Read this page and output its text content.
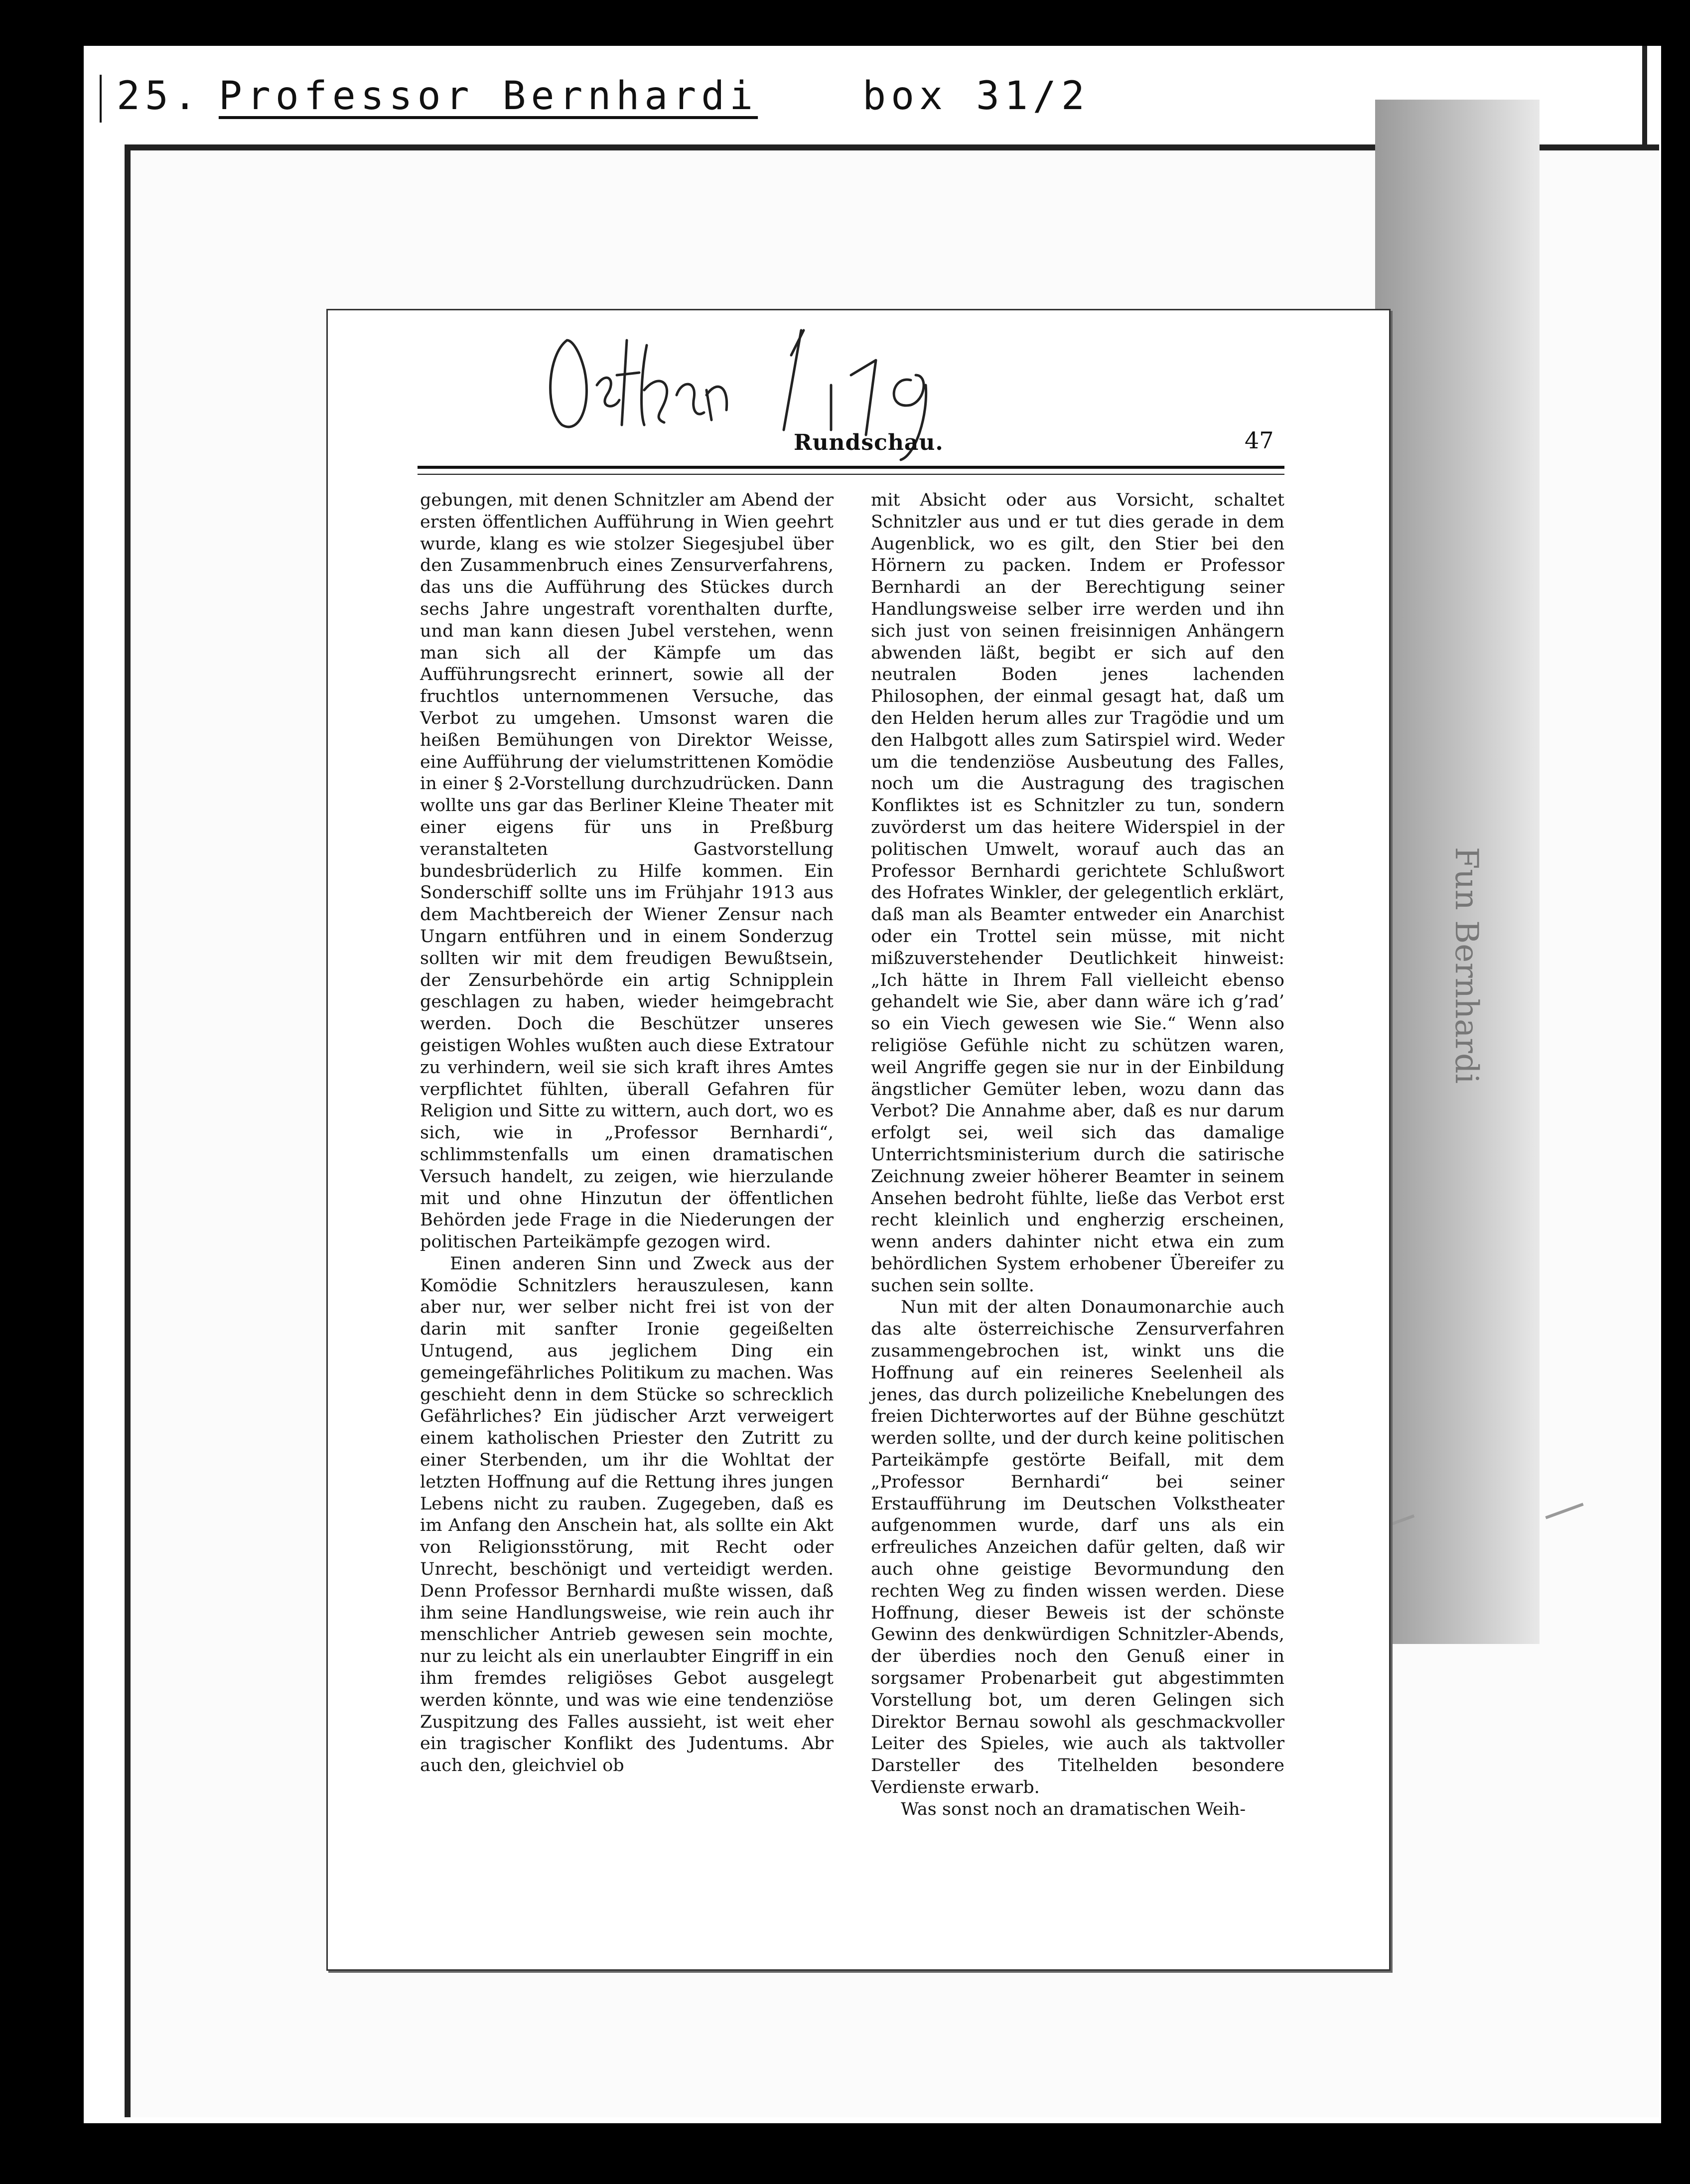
25. Professor Bernhardi	box 31/2
Fun Bernhardi
Rundschau.	47

gebungen, mit denen Schnitzler am Abend der ersten öffentlichen Aufführung in Wien geehrt wurde, klang es wie stolzer Siegesjubel über den Zusammenbruch eines Zensurverfahrens, das uns die Aufführung des Stückes durch sechs Jahre ungestraft vorenthalten durfte, und man kann diesen Jubel verstehen, wenn man sich all der Kämpfe um das Aufführungsrecht erinnert, sowie all der fruchtlos unternommenen Versuche, das Verbot zu umgehen. Umsonst waren die heißen Bemühungen von Direktor Weisse, eine Aufführung der vielumstrittenen Komödie in einer § 2-Vorstellung durchzudrücken. Dann wollte uns gar das Berliner Kleine Theater mit einer eigens für uns in Preßburg veranstalteten Gastvorstellung bundesbrüderlich zu Hilfe kommen. Ein Sonderschiff sollte uns im Frühjahr 1913 aus dem Machtbereich der Wiener Zensur nach Ungarn entführen und in einem Sonderzug sollten wir mit dem freudigen Bewußtsein, der Zensurbehörde ein artig Schnipplein geschlagen zu haben, wieder heimgebracht werden. Doch die Beschützer unseres geistigen Wohles wußten auch diese Extratour zu verhindern, weil sie sich kraft ihres Amtes verpflichtet fühlten, überall Gefahren für Religion und Sitte zu wittern, auch dort, wo es sich, wie in „Professor Bernhardi“, schlimmstenfalls um einen dramatischen Versuch handelt, zu zeigen, wie hierzulande mit und ohne Hinzutun der öffentlichen Behörden jede Frage in die Niederungen der politischen Parteikämpfe gezogen wird.

Einen anderen Sinn und Zweck aus der Komödie Schnitzlers herauszulesen, kann aber nur, wer selber nicht frei ist von der darin mit sanfter Ironie gegeißelten Untugend, aus jeglichem Ding ein gemeingefährliches Politikum zu machen. Was geschieht denn in dem Stücke so schrecklich Gefährliches? Ein jüdischer Arzt verweigert einem katholischen Priester den Zutritt zu einer Sterbenden, um ihr die Wohltat der letzten Hoffnung auf die Rettung ihres jungen Lebens nicht zu rauben. Zugegeben, daß es im Anfang den Anschein hat, als sollte ein Akt von Religionsstörung, mit Recht oder Unrecht, beschönigt und verteidigt werden. Denn Professor Bernhardi mußte wissen, daß ihm seine Handlungsweise, wie rein auch ihr menschlicher Antrieb gewesen sein mochte, nur zu leicht als ein unerlaubter Eingriff in ein ihm fremdes religiöses Gebot ausgelegt werden könnte, und was wie eine tendenziöse Zuspitzung des Falles aussieht, ist weit eher ein tragischer Konflikt des Judentums. Abr auch den, gleichviel ob

mit Absicht oder aus Vorsicht, schaltet Schnitzler aus und er tut dies gerade in dem Augenblick, wo es gilt, den Stier bei den Hörnern zu packen. Indem er Professor Bernhardi an der Berechtigung seiner Handlungsweise selber irre werden und ihn sich just von seinen freisinnigen Anhängern abwenden läßt, begibt er sich auf den neutralen Boden jenes lachenden Philosophen, der einmal gesagt hat, daß um den Helden herum alles zur Tragödie und um den Halbgott alles zum Satirspiel wird. Weder um die tendenziöse Ausbeutung des Falles, noch um die Austragung des tragischen Konfliktes ist es Schnitzler zu tun, sondern zuvörderst um das heitere Widerspiel in der politischen Umwelt, worauf auch das an Professor Bernhardi gerichtete Schlußwort des Hofrates Winkler, der gelegentlich erklärt, daß man als Beamter entweder ein Anarchist oder ein Trottel sein müsse, mit nicht mißzuverstehender Deutlichkeit hinweist: „Ich hätte in Ihrem Fall vielleicht ebenso gehandelt wie Sie, aber dann wäre ich g’rad’ so ein Viech gewesen wie Sie.“ Wenn also religiöse Gefühle nicht zu schützen waren, weil Angriffe gegen sie nur in der Einbildung ängstlicher Gemüter leben, wozu dann das Verbot? Die Annahme aber, daß es nur darum erfolgt sei, weil sich das damalige Unterrichtsministerium durch die satirische Zeichnung zweier höherer Beamter in seinem Ansehen bedroht fühlte, ließe das Verbot erst recht kleinlich und engherzig erscheinen, wenn anders dahinter nicht etwa ein zum behördlichen System erhobener Übereifer zu suchen sein sollte.

Nun mit der alten Donaumonarchie auch das alte österreichische Zensurverfahren zusammengebrochen ist, winkt uns die Hoffnung auf ein reineres Seelenheil als jenes, das durch polizeiliche Knebelungen des freien Dichterwortes auf der Bühne geschützt werden sollte, und der durch keine politischen Parteikämpfe gestörte Beifall, mit dem „Professor Bernhardi“ bei seiner Erstaufführung im Deutschen Volkstheater aufgenommen wurde, darf uns als ein erfreuliches Anzeichen dafür gelten, daß wir auch ohne geistige Bevormundung den rechten Weg zu finden wissen werden. Diese Hoffnung, dieser Beweis ist der schönste Gewinn des denkwürdigen Schnitzler-Abends, der überdies noch den Genuß einer in sorgsamer Probenarbeit gut abgestimmten Vorstellung bot, um deren Gelingen sich Direktor Bernau sowohl als geschmackvoller Leiter des Spieles, wie auch als taktvoller Darsteller des Titelhelden besondere Verdienste erwarb.

Was sonst noch an dramatischen Weih-
